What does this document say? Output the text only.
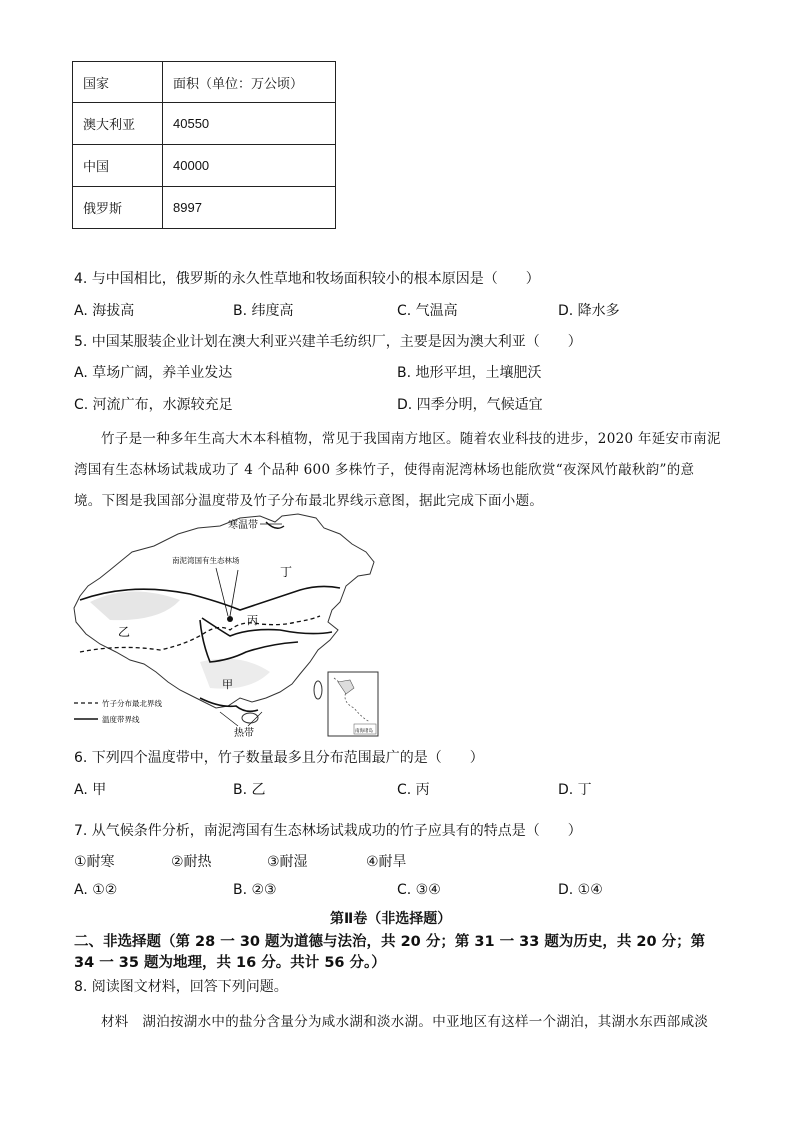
国家	面积（单位：万公顷）
澳大利亚	40550
中国	40000
俄罗斯	8997
4. 与中国相比，俄罗斯的永久性草地和牧场面积较小的根本原因是（　　）
A. 海拔高	B. 纬度高	C. 气温高	D. 降水多
5. 中国某服装企业计划在澳大利亚兴建羊毛纺织厂，主要是因为澳大利亚（　　）
A. 草场广阔，养羊业发达	B. 地形平坦，土壤肥沃
C. 河流广布，水源较充足	D. 四季分明，气候适宜
竹子是一种多年生高大木本科植物，常见于我国南方地区。随着农业科技的进步，2020 年延安市南泥
湾国有生态林场试栽成功了 4 个品种 600 多株竹子，使得南泥湾林场也能欣赏“夜深风竹敲秋韵”的意
境。下图是我国部分温度带及竹子分布最北界线示意图，据此完成下面小题。
寒温带
南泥湾国有生态林场
丁
丙
乙
甲
热带
竹子分布最北界线
温度带界线
南海诸岛
6. 下列四个温度带中，竹子数量最多且分布范围最广的是（　　）
A. 甲	B. 乙	C. 丙	D. 丁
7. 从气候条件分析，南泥湾国有生态林场试栽成功的竹子应具有的特点是（　　）
①耐寒	②耐热	③耐湿	④耐旱
A. ①②	B. ②③	C. ③④	D. ①④
第Ⅱ卷（非选择题）
二、非选择题（第 28 一 30 题为道德与法治，共 20 分；第 31 一 33 题为历史，共 20 分；第
34 一 35 题为地理，共 16 分。共计 56 分。）
8. 阅读图文材料，回答下列问题。
材料　湖泊按湖水中的盐分含量分为咸水湖和淡水湖。中亚地区有这样一个湖泊，其湖水东西部咸淡
